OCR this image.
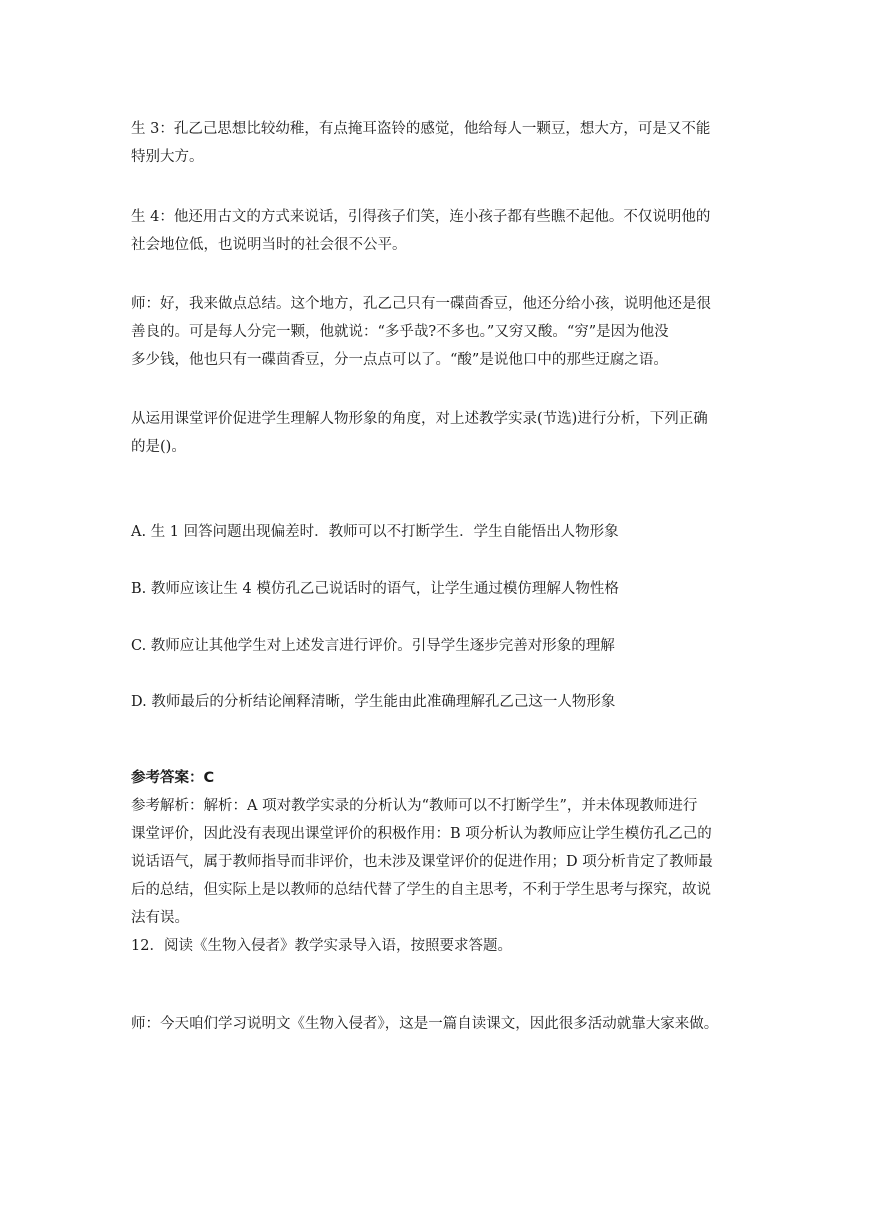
生 3：孔乙己思想比较幼稚，有点掩耳盗铃的感觉，他给每人一颗豆，想大方，可是又不能
特别大方。

生 4：他还用古文的方式来说话，引得孩子们笑，连小孩子都有些瞧不起他。不仅说明他的
社会地位低，也说明当时的社会很不公平。

师：好，我来做点总结。这个地方，孔乙己只有一碟茴香豆，他还分给小孩，说明他还是很
善良的。可是每人分完一颗，他就说：“多乎哉?不多也。”又穷又酸。“穷”是因为他没
多少钱，他也只有一碟茴香豆，分一点点可以了。“酸”是说他口中的那些迂腐之语。

从运用课堂评价促进学生理解人物形象的角度，对上述教学实录(节选)进行分析，下列正确
的是()。

A. 生 1 回答问题出现偏差时．教师可以不打断学生．学生自能悟出人物形象

B. 教师应该让生 4 模仿孔乙己说话时的语气，让学生通过模仿理解人物性格

C. 教师应让其他学生对上述发言进行评价。引导学生逐步完善对形象的理解

D. 教师最后的分析结论阐释清晰，学生能由此准确理解孔乙己这一人物形象

参考答案：C
参考解析：解析：A 项对教学实录的分析认为“教师可以不打断学生”，并未体现教师进行
课堂评价，因此没有表现出课堂评价的积极作用：B 项分析认为教师应让学生模仿孔乙己的
说话语气，属于教师指导而非评价，也未涉及课堂评价的促进作用；D 项分析肯定了教师最
后的总结，但实际上是以教师的总结代替了学生的自主思考，不利于学生思考与探究，故说
法有误。
12．阅读《生物入侵者》教学实录导入语，按照要求答题。

师：今天咱们学习说明文《生物入侵者》，这是一篇自读课文，因此很多活动就靠大家来做。
